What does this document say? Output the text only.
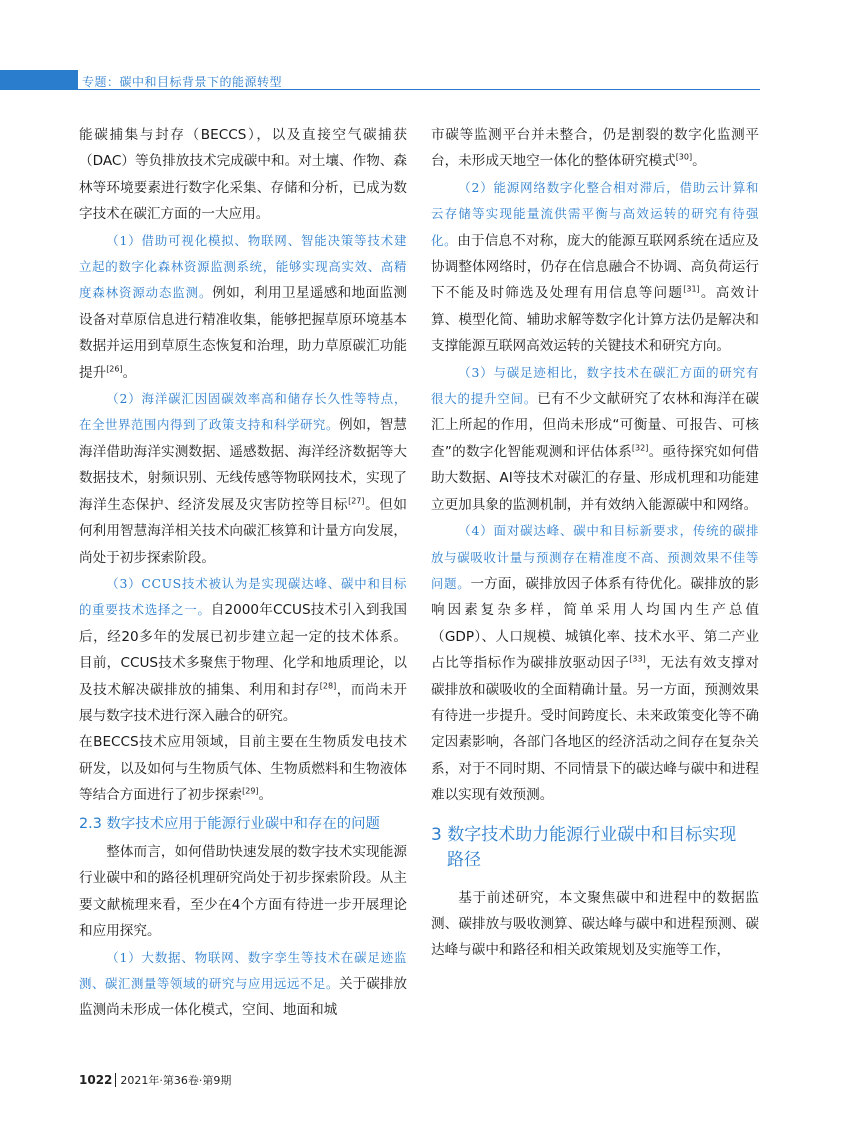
专题：碳中和目标背景下的能源转型

能碳捕集与封存（BECCS），以及直接空气碳捕获（DAC）等负排放技术完成碳中和。对土壤、作物、森林等环境要素进行数字化采集、存储和分析，已成为数字技术在碳汇方面的一大应用。

（1）借助可视化模拟、物联网、智能决策等技术建立起的数字化森林资源监测系统，能够实现高实效、高精度森林资源动态监测。例如，利用卫星遥感和地面监测设备对草原信息进行精准收集，能够把握草原环境基本数据并运用到草原生态恢复和治理，助力草原碳汇功能提升[26]。

（2）海洋碳汇因固碳效率高和储存长久性等特点，在全世界范围内得到了政策支持和科学研究。例如，智慧海洋借助海洋实测数据、遥感数据、海洋经济数据等大数据技术，射频识别、无线传感等物联网技术，实现了海洋生态保护、经济发展及灾害防控等目标[27]。但如何利用智慧海洋相关技术向碳汇核算和计量方向发展，尚处于初步探索阶段。

（3）CCUS技术被认为是实现碳达峰、碳中和目标的重要技术选择之一。自2000年CCUS技术引入到我国后，经20多年的发展已初步建立起一定的技术体系。目前，CCUS技术多聚焦于物理、化学和地质理论，以及技术解决碳排放的捕集、利用和封存[28]，而尚未开展与数字技术进行深入融合的研究。

在BECCS技术应用领域，目前主要在生物质发电技术研发，以及如何与生物质气体、生物质燃料和生物液体等结合方面进行了初步探索[29]。

2.3 数字技术应用于能源行业碳中和存在的问题

整体而言，如何借助快速发展的数字技术实现能源行业碳中和的路径机理研究尚处于初步探索阶段。从主要文献梳理来看，至少在4个方面有待进一步开展理论和应用探究。

（1）大数据、物联网、数字孪生等技术在碳足迹监测、碳汇测量等领域的研究与应用远远不足。关于碳排放监测尚未形成一体化模式，空间、地面和城

市碳等监测平台并未整合，仍是割裂的数字化监测平台，未形成天地空一体化的整体研究模式[30]。

（2）能源网络数字化整合相对滞后，借助云计算和云存储等实现能量流供需平衡与高效运转的研究有待强化。由于信息不对称，庞大的能源互联网系统在适应及协调整体网络时，仍存在信息融合不协调、高负荷运行下不能及时筛选及处理有用信息等问题[31]。高效计算、模型化简、辅助求解等数字化计算方法仍是解决和支撑能源互联网高效运转的关键技术和研究方向。

（3）与碳足迹相比，数字技术在碳汇方面的研究有很大的提升空间。已有不少文献研究了农林和海洋在碳汇上所起的作用，但尚未形成“可衡量、可报告、可核查”的数字化智能观测和评估体系[32]。亟待探究如何借助大数据、AI等技术对碳汇的存量、形成机理和功能建立更加具象的监测机制，并有效纳入能源碳中和网络。

（4）面对碳达峰、碳中和目标新要求，传统的碳排放与碳吸收计量与预测存在精准度不高、预测效果不佳等问题。一方面，碳排放因子体系有待优化。碳排放的影响因素复杂多样，简单采用人均国内生产总值（GDP）、人口规模、城镇化率、技术水平、第二产业占比等指标作为碳排放驱动因子[33]，无法有效支撑对碳排放和碳吸收的全面精确计量。另一方面，预测效果有待进一步提升。受时间跨度长、未来政策变化等不确定因素影响，各部门各地区的经济活动之间存在复杂关系，对于不同时期、不同情景下的碳达峰与碳中和进程难以实现有效预测。

3 数字技术助力能源行业碳中和目标实现
路径

基于前述研究，本文聚焦碳中和进程中的数据监测、碳排放与吸收测算、碳达峰与碳中和进程预测、碳达峰与碳中和路径和相关政策规划及实施等工作，

1022 2021年·第36卷·第9期
